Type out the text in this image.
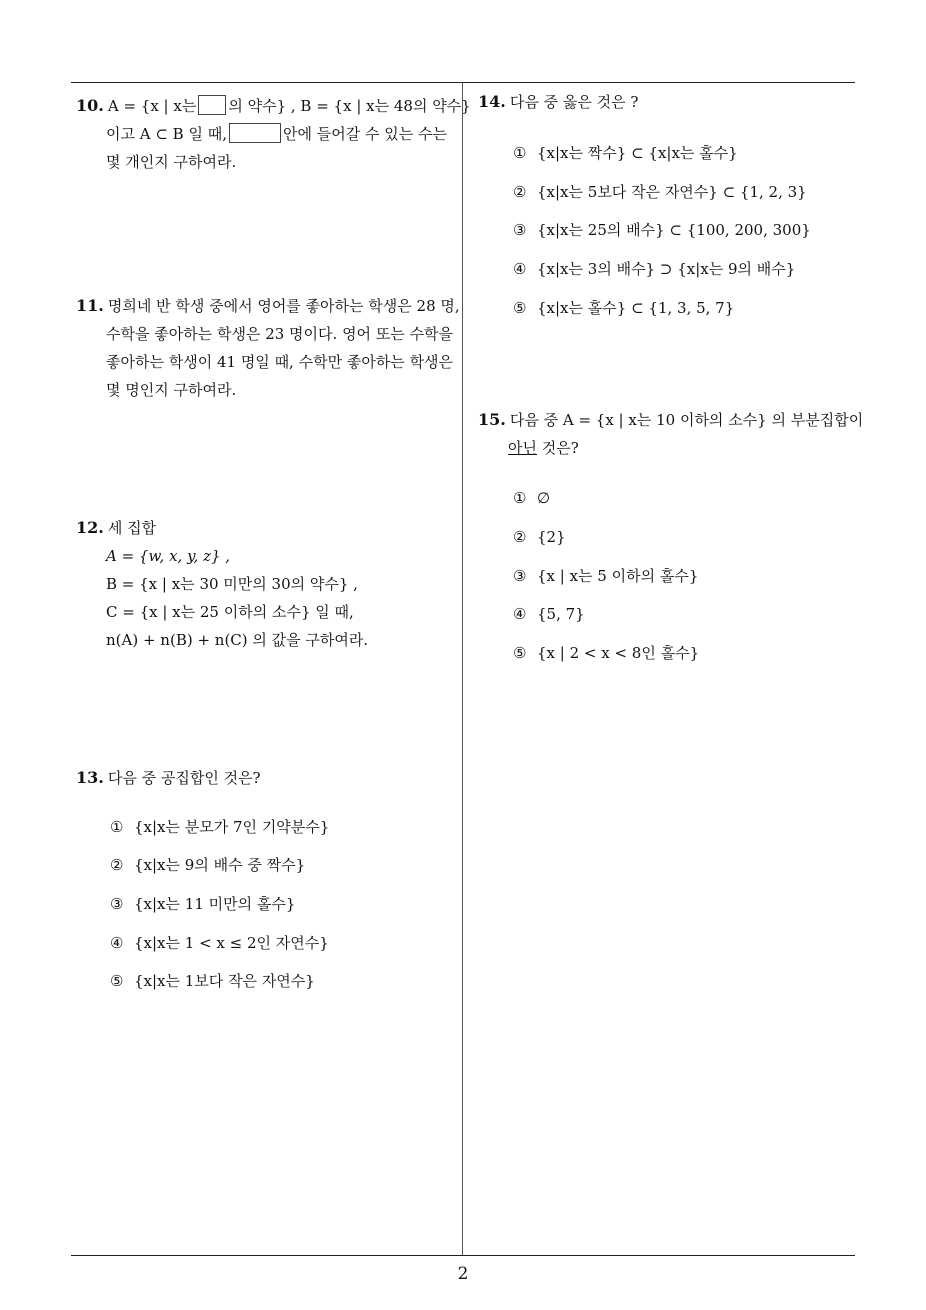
10. A = {x | x는 의 약수} , B = {x | x는 48의 약수}
이고 A ⊂ B 일 때,	안에 들어갈 수 있는 수는
몇 개인지 구하여라.
11. 명희네 반 학생 중에서 영어를 좋아하는 학생은 28 명,
수학을 좋아하는 학생은 23 명이다. 영어 또는 수학을
좋아하는 학생이 41 명일 때, 수학만 좋아하는 학생은
몇 명인지 구하여라.
12. 세 집합
A = {w, x, y, z} ,
B = {x | x는 30 미만의 30의 약수} ,
C = {x | x는 25 이하의 소수} 일 때,
n(A) + n(B) + n(C) 의 값을 구하여라.
13. 다음 중 공집합인 것은?
① {x|x는 분모가 7인 기약분수}
② {x|x는 9의 배수 중 짝수}
③ {x|x는 11 미만의 홀수}
④ {x|x는 1 < x ≤ 2인 자연수}
⑤ {x|x는 1보다 작은 자연수}
14. 다음 중 옳은 것은 ?
① {x|x는 짝수} ⊂ {x|x는 홀수}
② {x|x는 5보다 작은 자연수} ⊂ {1, 2, 3}
③ {x|x는 25의 배수} ⊂ {100, 200, 300}
④ {x|x는 3의 배수} ⊃ {x|x는 9의 배수}
⑤ {x|x는 홀수} ⊂ {1, 3, 5, 7}
15. 다음 중 A = {x | x는 10 이하의 소수} 의 부분집합이
아닌 것은?
① ∅
② {2}
③ {x | x는 5 이하의 홀수}
④ {5, 7}
⑤ {x | 2 < x < 8인 홀수}
2
